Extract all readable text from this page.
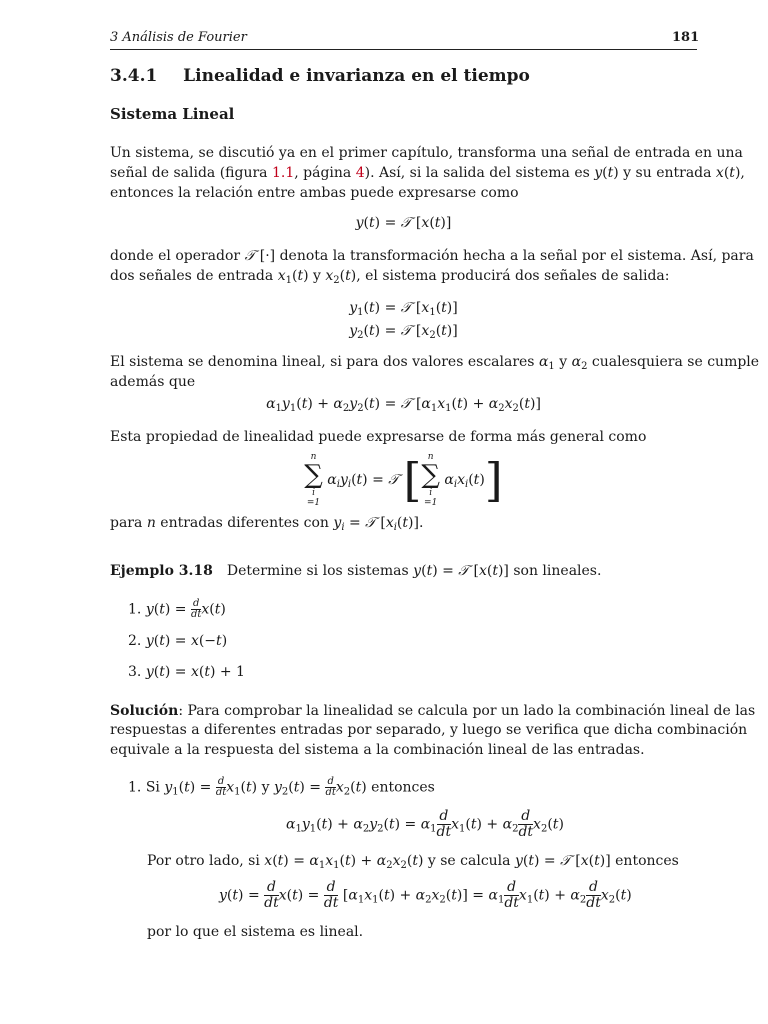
3 Análisis de Fourier	181
3.4.1 Linealidad e invarianza en el tiempo
Sistema Lineal
Un sistema, se discutió ya en el primer capítulo, transforma una señal de entrada en una
señal de salida (figura 1.1, página 4). Así, si la salida del sistema es y(t) y su entrada x(t),
entonces la relación entre ambas puede expresarse como
y(t) = 𝒯 [x(t)]
donde el operador 𝒯 [·] denota la transformación hecha a la señal por el sistema. Así, para
dos señales de entrada $x_1(t)$ y $x_2(t)$, el sistema producirá dos señales de salida:
$y_1(t)$ = 𝒯 $[x_1(t)]$
$y_2(t)$ = 𝒯 $[x_2(t)]$
El sistema se denomina lineal, si para dos valores escalares $\alpha_1$ y $\alpha_2$ cualesquiera se cumple
además que
$\alpha_1y_1(t) + \alpha_2y_2(t)$ = 𝒯 $[\alpha_1x_1(t) + \alpha_2x_2(t)]$
Esta propiedad de linealidad puede expresarse de forma más general como
n
∑
i
=1
$\alpha_iy_i(t)$ = 𝒯 [ n
∑
i
=1
$\alpha_ix_i(t)$]
para n entradas diferentes con $y_i$ = 𝒯 $[x_i(t)]$.
Ejemplo 3.18 Determine si los sistemas y(t) = 𝒯 [x(t)] son lineales.
1. $y(t) = \frac{d}{dt} x(t)$
2. y(t) = x(−t)
3. y(t) = x(t) + 1
Solución: Para comprobar la linealidad se calcula por un lado la combinación lineal de las
respuestas a diferentes entradas por separado, y luego se verifica que dicha combinación
equivale a la respuesta del sistema a la combinación lineal de las entradas.
1. Si $y_1(t) = \frac{d}{dt} x_1(t)$ y $y_2(t) = \frac{d}{dt} x_2(t)$ entonces
$\alpha_1y_1(t) + \alpha_2y_2(t) = \alpha_1 \frac{d}{dt} x_1(t) + \alpha_2 \frac{d}{dt} x_2(t)$
Por otro lado, si $x(t) = \alpha_1x_1(t) + \alpha_2x_2(t)$ y se calcula y(t) = 𝒯 [x(t)] entonces
$y(t) = \frac{d}{dt} x(t) = \frac{d}{dt} [\alpha_1x_1(t) + \alpha_2x_2(t)] = \alpha_1 \frac{d}{dt} x_1(t) + \alpha_2 \frac{d}{dt} x_2(t)$
por lo que el sistema es lineal.
